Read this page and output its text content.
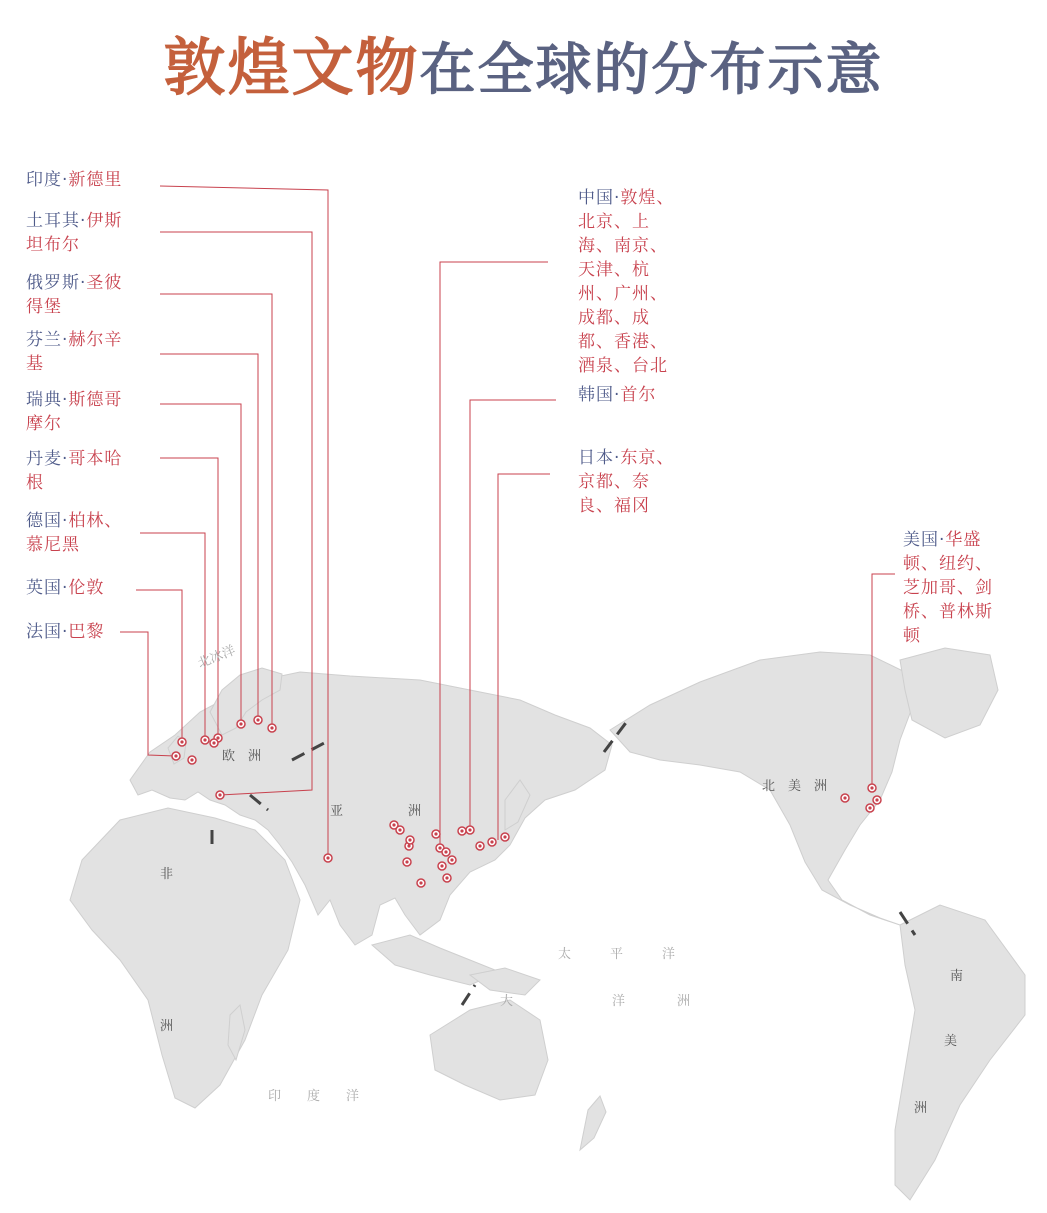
敦煌文物在全球的分布示意
欧　洲
亚	洲
非
洲
北　美　洲
南
美
洲
太　　　平　　　洋
大	洋　　　　洲
印　　度　　洋
北冰洋
印度·新德里
土耳其·伊斯坦布尔
俄罗斯·圣彼得堡
芬兰·赫尔辛基
瑞典·斯德哥摩尔
丹麦·哥本哈根
德国·柏林、慕尼黑
英国·伦敦
法国·巴黎
中国·敦煌、北京、上海、南京、天津、杭州、广州、成都、成都、香港、酒泉、台北
韩国·首尔
日本·东京、京都、奈良、福冈
美国·华盛顿、纽约、芝加哥、剑桥、普林斯顿
